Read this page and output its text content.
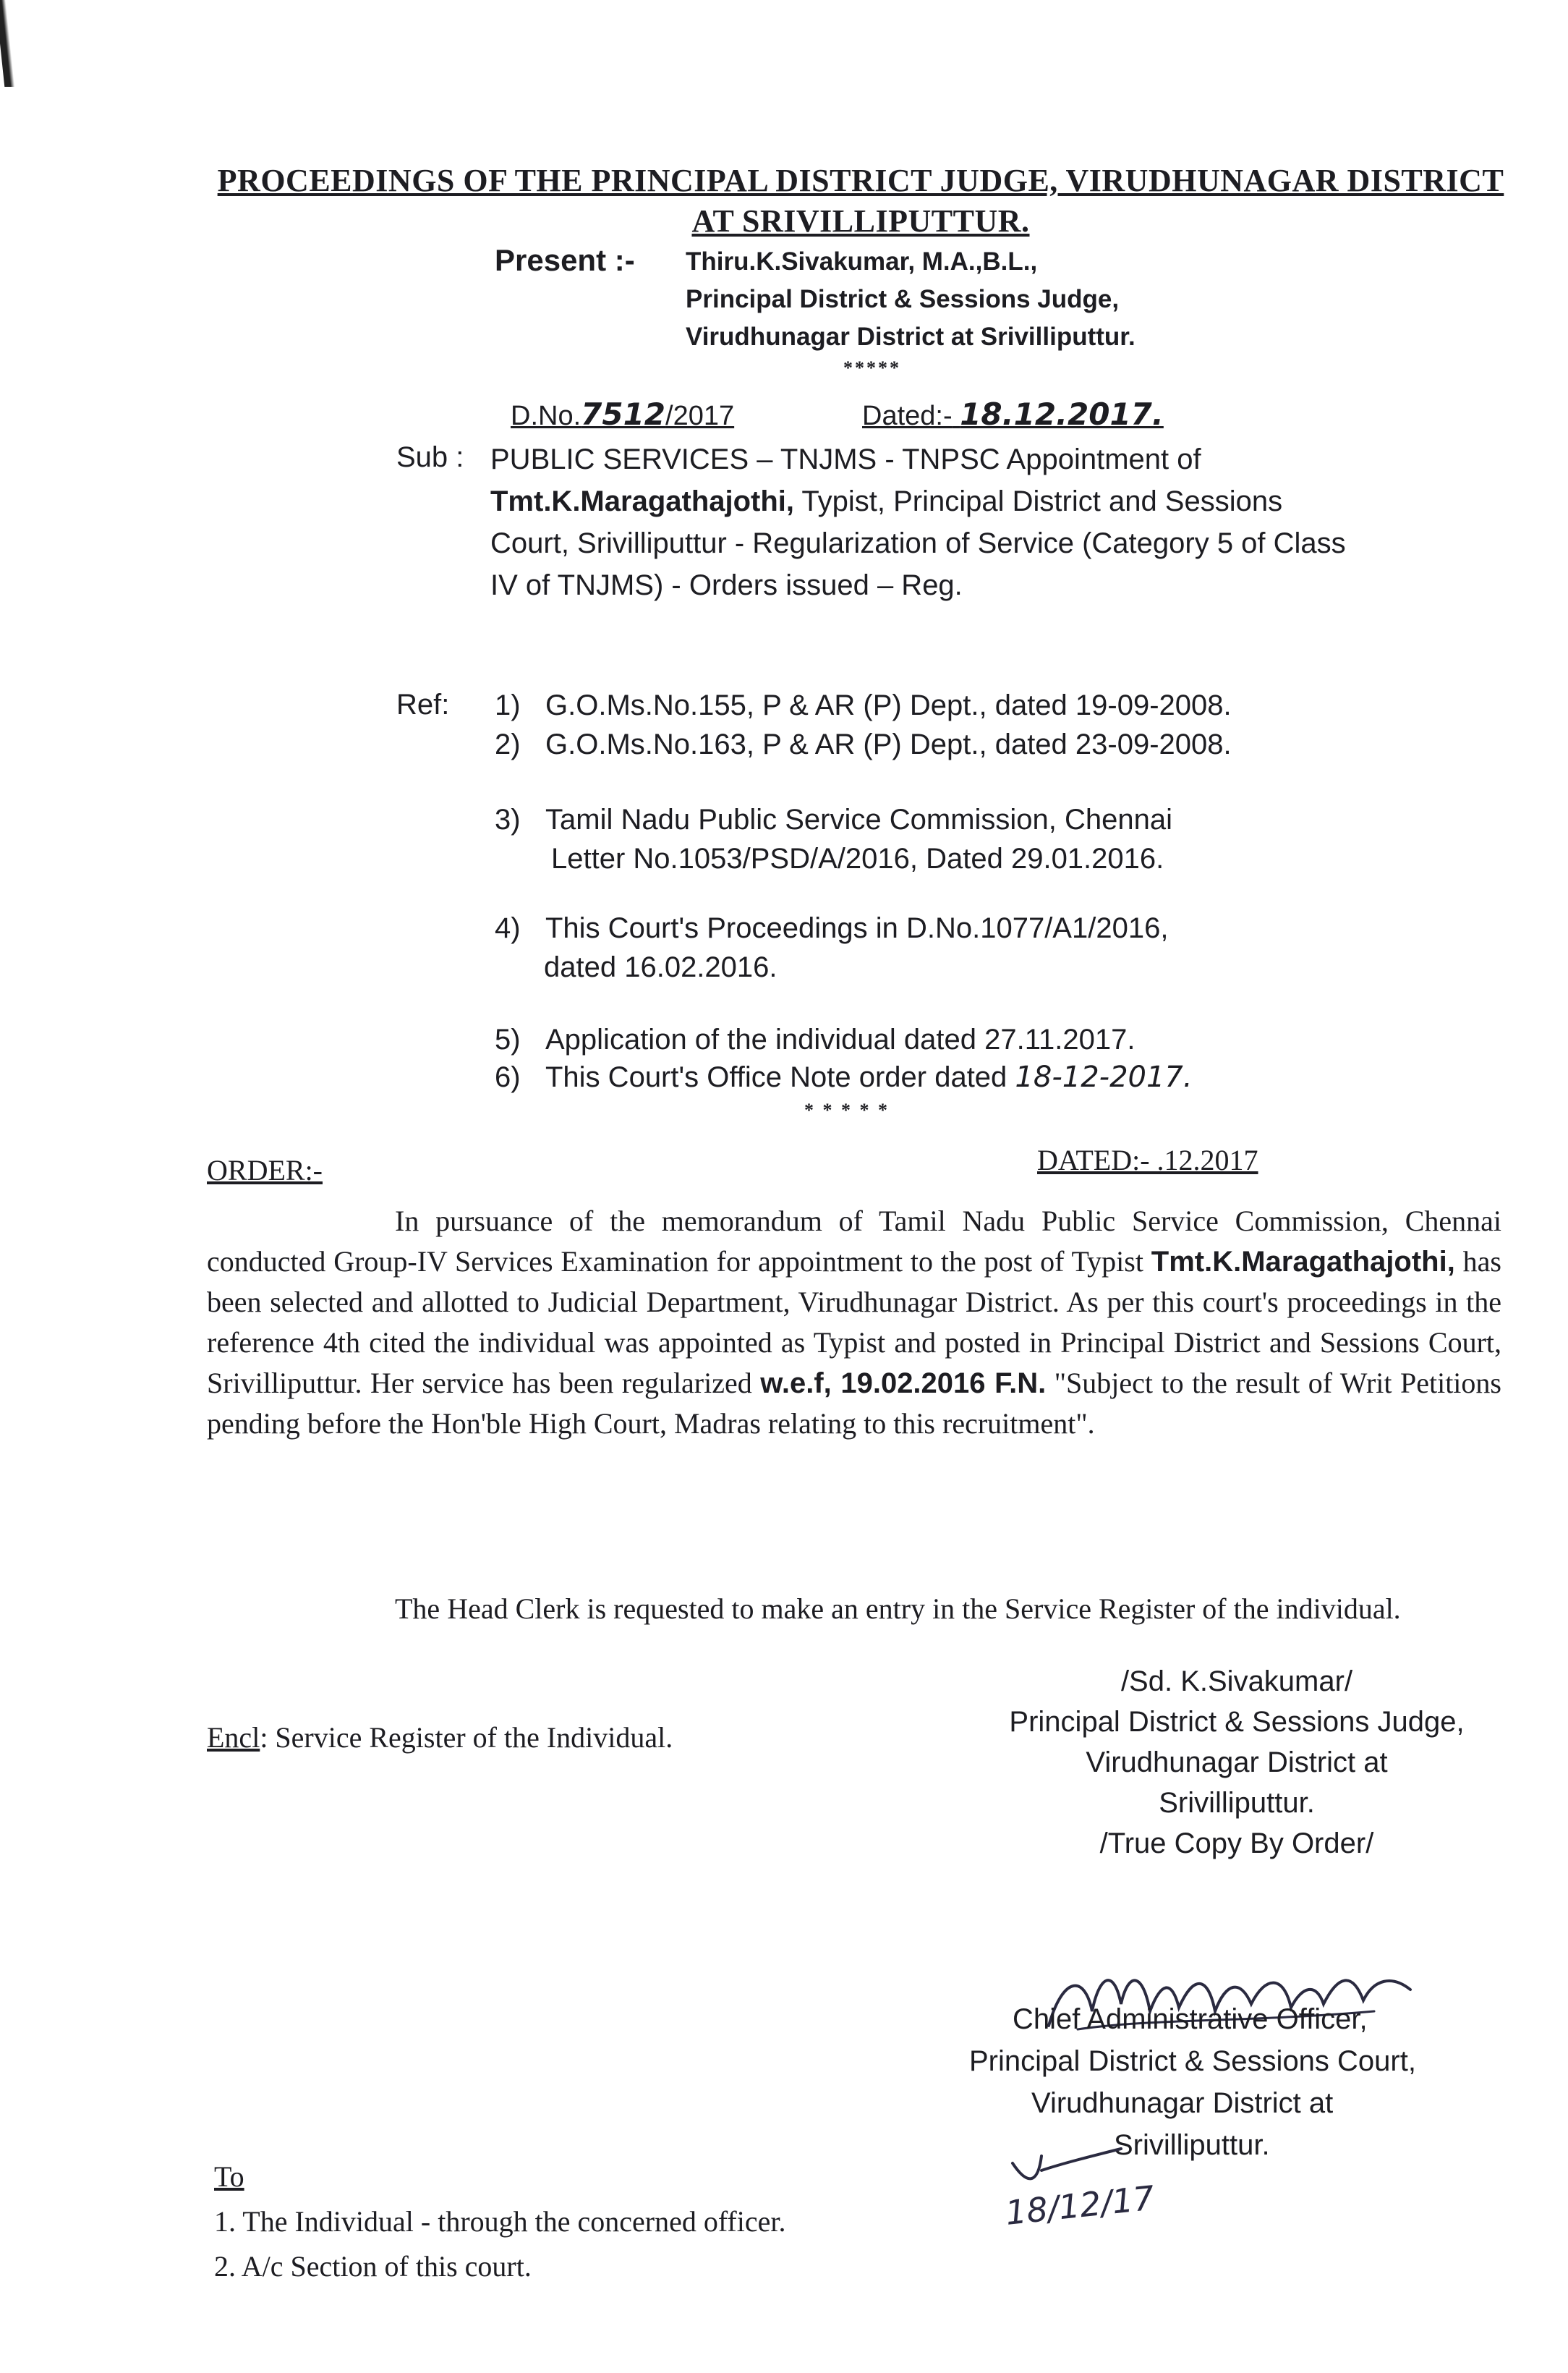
PROCEEDINGS OF THE PRINCIPAL DISTRICT JUDGE, VIRUDHUNAGAR DISTRICT AT SRIVILLIPUTTUR.
Present :- Thiru.K.Sivakumar, M.A.,B.L.,
Principal District & Sessions Judge,
Virudhunagar District at Srivilliputtur.
*****
D.No.7512/2017	Dated:- 18.12.2017.
Sub : PUBLIC SERVICES – TNJMS - TNPSC Appointment of Tmt.K.Maragathajothi, Typist, Principal District and Sessions Court, Srivilliputtur - Regularization of Service (Category 5 of Class IV of TNJMS) - Orders issued – Reg.
Ref: 1) G.O.Ms.No.155, P & AR (P) Dept., dated 19-09-2008.
2) G.O.Ms.No.163, P & AR (P) Dept., dated 23-09-2008.
3) Tamil Nadu Public Service Commission, Chennai
Letter No.1053/PSD/A/2016, Dated 29.01.2016.
4) This Court's Proceedings in D.No.1077/A1/2016,
dated 16.02.2016.
5) Application of the individual dated 27.11.2017.
6) This Court's Office Note order dated 18-12-2017.
* * * * *
ORDER:-	DATED:- .12.2017
In pursuance of the memorandum of Tamil Nadu Public Service Commission, Chennai conducted Group-IV Services Examination for appointment to the post of Typist Tmt.K.Maragathajothi, has been selected and allotted to Judicial Department, Virudhunagar District. As per this court's proceedings in the reference 4th cited the individual was appointed as Typist and posted in Principal District and Sessions Court, Srivilliputtur. Her service has been regularized w.e.f, 19.02.2016 F.N. "Subject to the result of Writ Petitions pending before the Hon'ble High Court, Madras relating to this recruitment".
The Head Clerk is requested to make an entry in the Service Register of the individual.
/Sd. K.Sivakumar/
Principal District & Sessions Judge,
Virudhunagar District at
Srivilliputtur.
/True Copy By Order/
Encl: Service Register of the Individual.
Chief Administrative Officer,
Principal District & Sessions Court,
Virudhunagar District at
Srivilliputtur.
18/12/17
To
1. The Individual - through the concerned officer.
2. A/c Section of this court.
